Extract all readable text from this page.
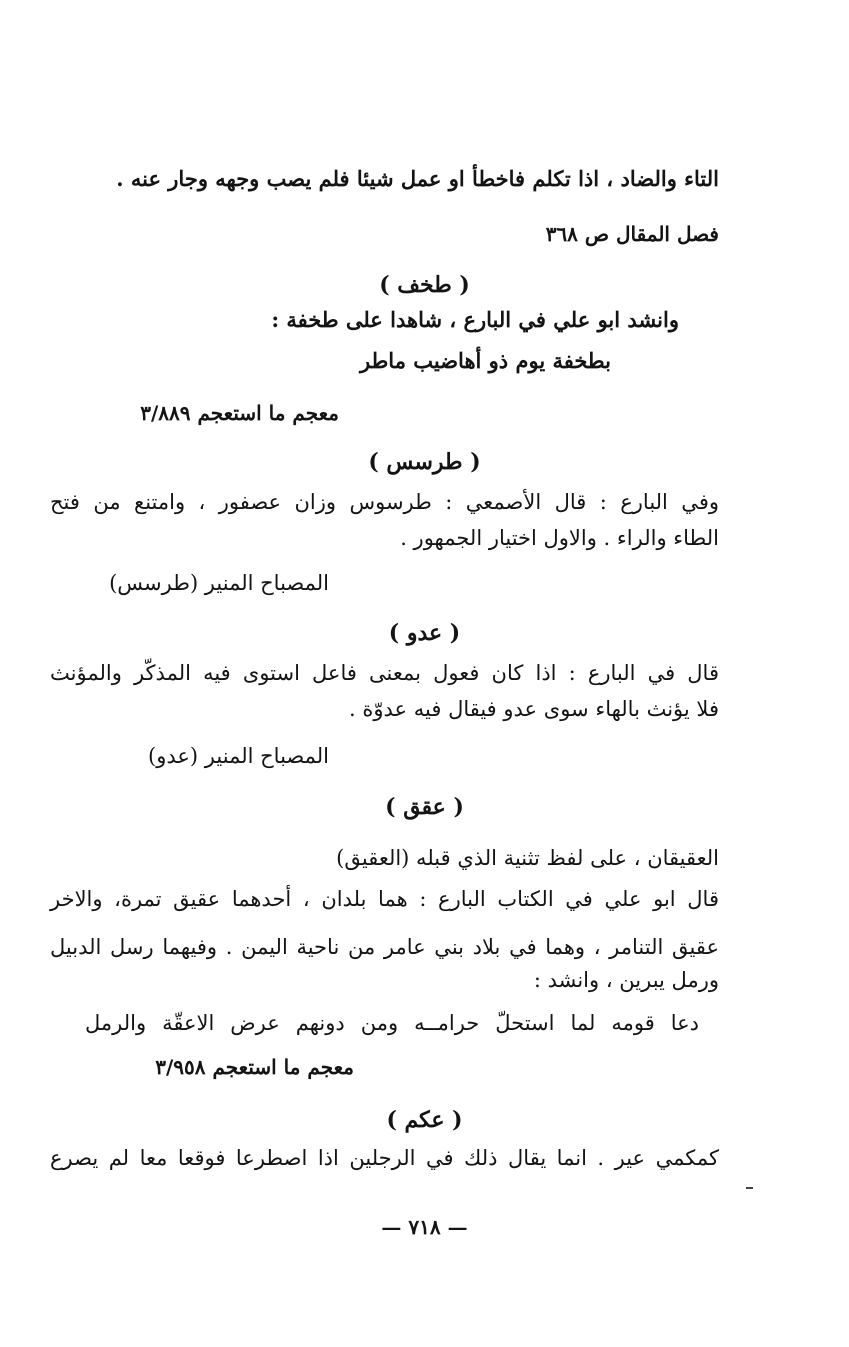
التاء والضاد ، اذا تكلم فاخطأ او عمل شيئا فلم يصب وجهه وجار عنه .
فصل المقال ص ٣٦٨
( طخف )
وانشد ابو علي في البارع ، شاهدا على طخفة :
بطخفة يوم ذو أهاضيب ماطر
معجم ما استعجم ٣/٨٨٩
( طرسس )
وفي البارع : قال الأصمعي : طرسوس وزان عصفور ، وامتنع من فتح
الطاء والراء . والاول اختيار الجمهور .
المصباح المنير (طرسس)
( عدو )
قال في البارع : اذا كان فعول بمعنى فاعل استوى فيه المذكّر والمؤنث
فلا يؤنث بالهاء سوى عدو فيقال فيه عدوّة .
المصباح المنير (عدو)
( عقق )
العقيقان ، على لفظ تثنية الذي قبله (العقيق)
قال ابو علي في الكتاب البارع : هما بلدان ، أحدهما عقيق تمرة، والاخر
عقيق التنامر ، وهما في بلاد بني عامر من ناحية اليمن . وفيهما رسل الدبيل
ورمل يبرين ، وانشد :
دعا قومه لما استحلّ حرامــه ومن دونهم عرض الاعقّة والرمل
معجم ما استعجم ٣/٩٥٨
( عكم )
كمكمي عير . انما يقال ذلك في الرجلين اذا اصطرعا فوقعا معا لم يصرع
— ٧١٨ —
